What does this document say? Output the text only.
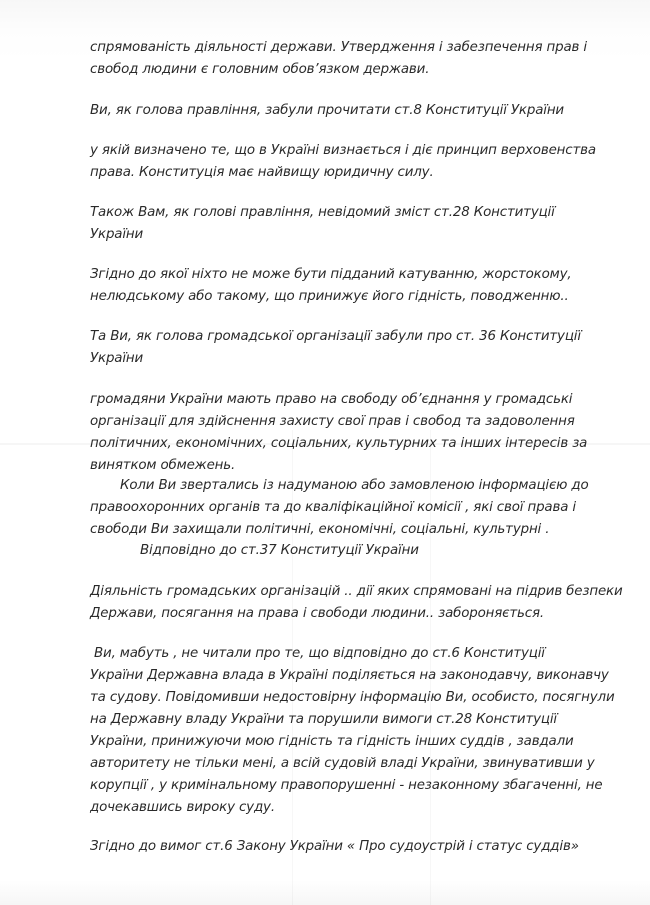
спрямованість діяльності держави. Утвердження і забезпечення прав і
свобод людини є головним обов’язком держави.
Ви, як голова правління, забули прочитати ст.8 Конституції України
у якій визначено те, що в Україні визнається і діє принцип верховенства
права. Конституція має найвищу юридичну силу.
Також Вам, як голові правління, невідомий зміст ст.28 Конституції
України
Згідно до якої ніхто не може бути підданий катуванню, жорстокому,
нелюдському або такому, що принижує його гідність, поводженню..
Та Ви, як голова громадської організації забули про ст. 36 Конституції
України
громадяни України мають право на свободу об’єднання у громадські
організації для здійснення захисту свої прав і свобод та задоволення
політичних, економічних, соціальних, культурних та інших інтересів за
винятком обмежень.
Коли Ви звертались із надуманою або замовленою інформацією до
правоохоронних органів та до кваліфікаційної комісії , які свої права і
свободи Ви захищали політичні, економічні, соціальні, культурні .
Відповідно до ст.37 Конституції України
Діяльність громадських організацій .. дії яких спрямовані на підрив безпеки
Держави, посягання на права і свободи людини.. забороняється.
Ви, мабуть , не читали про те, що відповідно до ст.6 Конституції
України Державна влада в Україні поділяється на законодавчу, виконавчу
та судову. Повідомивши недостовірну інформацію Ви, особисто, посягнули
на Державну владу України та порушили вимоги ст.28 Конституції
України, принижуючи мою гідність та гідність інших суддів , завдали
авторитету не тільки мені, а всій судовій владі України, звинувативши у
корупції , у кримінальному правопорушенні - незаконному збагаченні, не
дочекавшись вироку суду.
Згідно до вимог ст.6 Закону України « Про судоустрій і статус суддів»
